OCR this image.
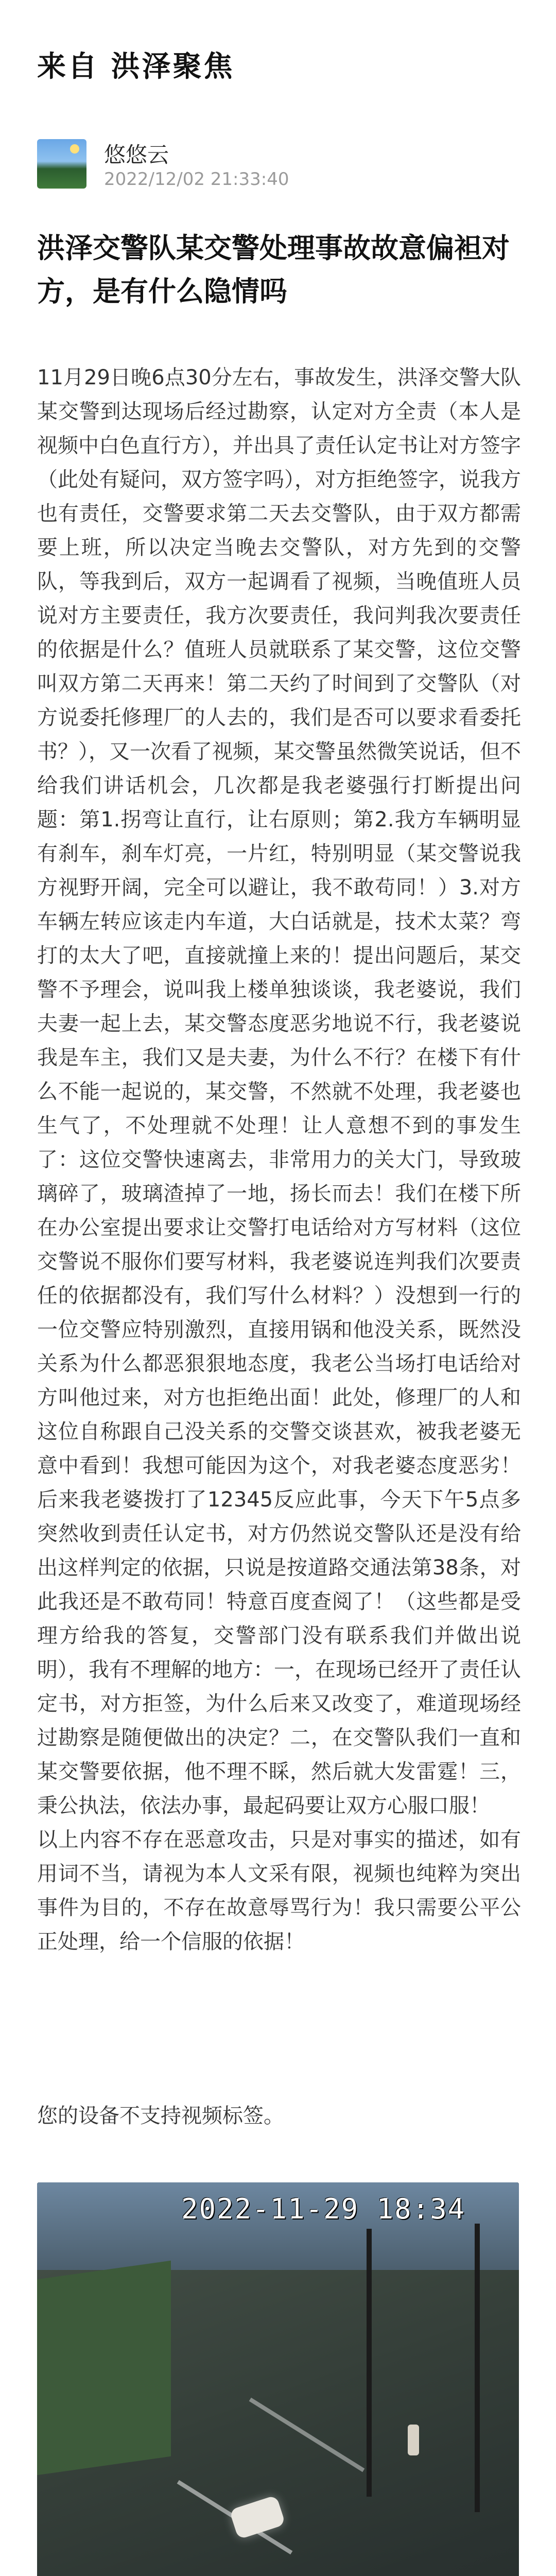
来自 洪泽聚焦
悠悠云
2022/12/02 21:33:40
洪泽交警队某交警处理事故故意偏袒对方，是有什么隐情吗

11月29日晚6点30分左右，事故发生，洪泽交警大队某交警到达现场后经过勘察，认定对方全责（本人是视频中白色直行方），并出具了责任认定书让对方签字（此处有疑问，双方签字吗），对方拒绝签字，说我方也有责任，交警要求第二天去交警队，由于双方都需要上班，所以决定当晚去交警队，对方先到的交警队，等我到后，双方一起调看了视频，当晚值班人员说对方主要责任，我方次要责任，我问判我次要责任的依据是什么？值班人员就联系了某交警，这位交警叫双方第二天再来！第二天约了时间到了交警队（对方说委托修理厂的人去的，我们是否可以要求看委托书？），又一次看了视频，某交警虽然微笑说话，但不给我们讲话机会，几次都是我老婆强行打断提出问题：第1.拐弯让直行，让右原则；第2.我方车辆明显有刹车，刹车灯亮，一片红，特别明显（某交警说我方视野开阔，完全可以避让，我不敢苟同！）3.对方车辆左转应该走内车道，大白话就是，技术太菜？弯打的太大了吧，直接就撞上来的！提出问题后，某交警不予理会，说叫我上楼单独谈谈，我老婆说，我们夫妻一起上去，某交警态度恶劣地说不行，我老婆说我是车主，我们又是夫妻，为什么不行？在楼下有什么不能一起说的，某交警，不然就不处理，我老婆也生气了，不处理就不处理！让人意想不到的事发生了：这位交警快速离去，非常用力的关大门，导致玻璃碎了，玻璃渣掉了一地，扬长而去！我们在楼下所在办公室提出要求让交警打电话给对方写材料（这位交警说不服你们要写材料，我老婆说连判我们次要责任的依据都没有，我们写什么材料？）没想到一行的一位交警应特别激烈，直接用锅和他没关系，既然没关系为什么都恶狠狠地态度，我老公当场打电话给对方叫他过来，对方也拒绝出面！此处，修理厂的人和这位自称跟自己没关系的交警交谈甚欢，被我老婆无意中看到！我想可能因为这个，对我老婆态度恶劣！后来我老婆拨打了12345反应此事，今天下午5点多突然收到责任认定书，对方仍然说交警队还是没有给出这样判定的依据，只说是按道路交通法第38条，对此我还是不敢苟同！特意百度查阅了！（这些都是受理方给我的答复，交警部门没有联系我们并做出说明），我有不理解的地方：一，在现场已经开了责任认定书，对方拒签，为什么后来又改变了，难道现场经过勘察是随便做出的决定？二，在交警队我们一直和某交警要依据，他不理不睬，然后就大发雷霆！三，秉公执法，依法办事，最起码要让双方心服口服！

以上内容不存在恶意攻击，只是对事实的描述，如有用词不当，请视为本人文采有限，视频也纯粹为突出事件为目的，不存在故意辱骂行为！我只需要公平公正处理，给一个信服的依据！

您的设备不支持视频标签。
2022-11-29 18:34
